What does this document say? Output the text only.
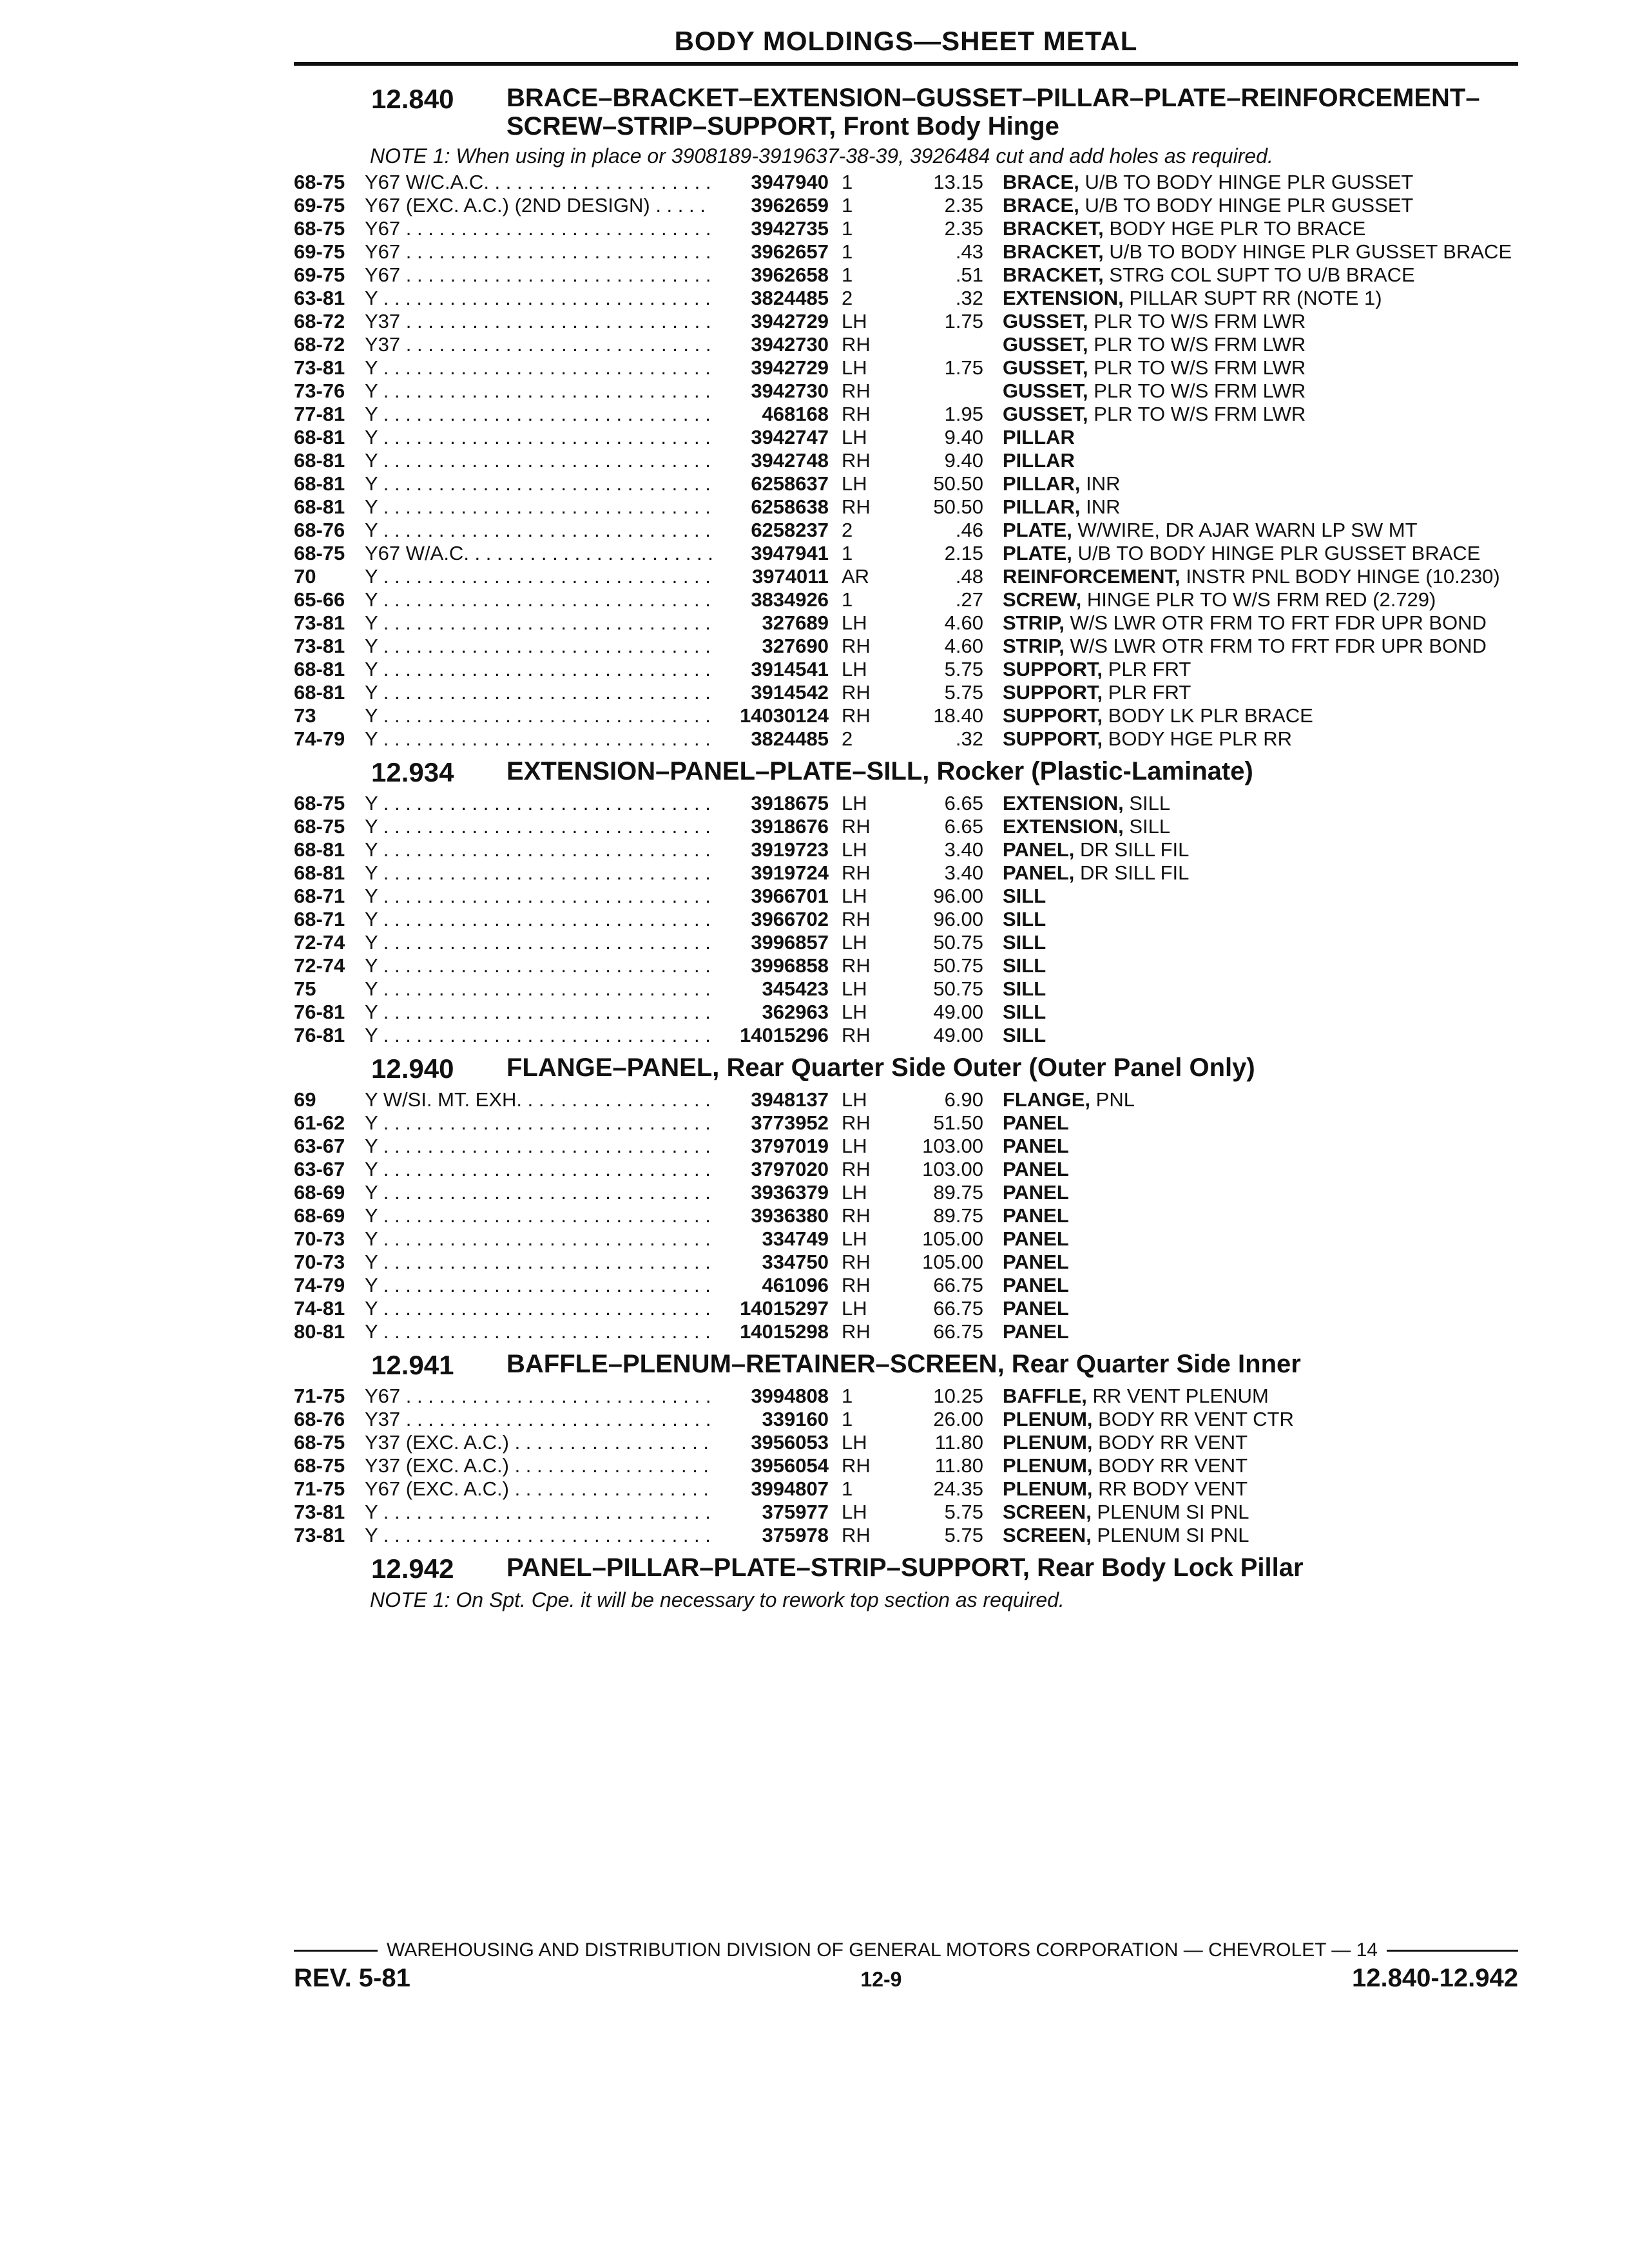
BODY MOLDINGS—SHEET METAL
12.840	BRACE–BRACKET–EXTENSION–GUSSET–PILLAR–PLATE–REINFORCEMENT–SCREW–STRIP–SUPPORT, Front Body Hinge
NOTE 1: When using in place or 3908189-3919637-38-39, 3926484 cut and add holes as required.
68-75 Y67 W/C.A.C. . . .	3947940 1	13.15 BRACE, U/B TO BODY HINGE PLR GUSSET
69-75 Y67 (EXC. A.C.) (2ND DESIGN) . . .	3962659 1	2.35 BRACE, U/B TO BODY HINGE PLR GUSSET
68-75 Y67 . . .	3942735 1	2.35 BRACKET, BODY HGE PLR TO BRACE
69-75 Y67 . . .	3962657 1	.43 BRACKET, U/B TO BODY HINGE PLR GUSSET BRACE
69-75 Y67 . . .	3962658 1	.51 BRACKET, STRG COL SUPT TO U/B BRACE
63-81 Y . . .	3824485 2	.32 EXTENSION, PILLAR SUPT RR (NOTE 1)
68-72 Y37 . . .	3942729 LH	1.75 GUSSET, PLR TO W/S FRM LWR
68-72 Y37 . . .	3942730 RH	GUSSET, PLR TO W/S FRM LWR
73-81 Y . . .	3942729 LH	1.75 GUSSET, PLR TO W/S FRM LWR
73-76 Y . . .	3942730 RH	GUSSET, PLR TO W/S FRM LWR
77-81 Y . . .	468168 RH	1.95 GUSSET, PLR TO W/S FRM LWR
68-81 Y . . .	3942747 LH	9.40 PILLAR
68-81 Y . . .	3942748 RH	9.40 PILLAR
68-81 Y . . .	6258637 LH	50.50 PILLAR, INR
68-81 Y . . .	6258638 RH	50.50 PILLAR, INR
68-76 Y . . .	6258237 2	.46 PLATE, W/WIRE, DR AJAR WARN LP SW MT
68-75 Y67 W/A.C. . . .	3947941 1	2.15 PLATE, U/B TO BODY HINGE PLR GUSSET BRACE
70	Y . . .	3974011 AR	.48 REINFORCEMENT, INSTR PNL BODY HINGE (10.230)
65-66 Y . . .	3834926 1	.27 SCREW, HINGE PLR TO W/S FRM RED (2.729)
73-81 Y . . .	327689 LH	4.60 STRIP, W/S LWR OTR FRM TO FRT FDR UPR BOND
73-81 Y . . .	327690 RH	4.60 STRIP, W/S LWR OTR FRM TO FRT FDR UPR BOND
68-81 Y . . .	3914541 LH	5.75 SUPPORT, PLR FRT
68-81 Y . . .	3914542 RH	5.75 SUPPORT, PLR FRT
73	Y . . .	14030124 RH	18.40 SUPPORT, BODY LK PLR BRACE
74-79 Y . . .	3824485 2	.32 SUPPORT, BODY HGE PLR RR
12.934	EXTENSION–PANEL–PLATE–SILL, Rocker (Plastic-Laminate)
68-75 Y . . .	3918675 LH	6.65 EXTENSION, SILL
68-75 Y . . .	3918676 RH	6.65 EXTENSION, SILL
68-81 Y . . .	3919723 LH	3.40 PANEL, DR SILL FIL
68-81 Y . . .	3919724 RH	3.40 PANEL, DR SILL FIL
68-71 Y . . .	3966701 LH	96.00 SILL
68-71 Y . . .	3966702 RH	96.00 SILL
72-74 Y . . .	3996857 LH	50.75 SILL
72-74 Y . . .	3996858 RH	50.75 SILL
75	Y . . .	345423 LH	50.75 SILL
76-81 Y . . .	362963 LH	49.00 SILL
76-81 Y . . .	14015296 RH	49.00 SILL
12.940	FLANGE–PANEL, Rear Quarter Side Outer (Outer Panel Only)
69	Y W/SI. MT. EXH. . . .	3948137 LH	6.90 FLANGE, PNL
61-62 Y . . .	3773952 RH	51.50 PANEL
63-67 Y . . .	3797019 LH	103.00 PANEL
63-67 Y . . .	3797020 RH	103.00 PANEL
68-69 Y . . .	3936379 LH	89.75 PANEL
68-69 Y . . .	3936380 RH	89.75 PANEL
70-73 Y . . .	334749 LH	105.00 PANEL
70-73 Y . . .	334750 RH	105.00 PANEL
74-79 Y . . .	461096 RH	66.75 PANEL
74-81 Y . . .	14015297 LH	66.75 PANEL
80-81 Y . . .	14015298 RH	66.75 PANEL
12.941	BAFFLE–PLENUM–RETAINER–SCREEN, Rear Quarter Side Inner
71-75 Y67 . . .	3994808 1	10.25 BAFFLE, RR VENT PLENUM
68-76 Y37 . . .	339160 1	26.00 PLENUM, BODY RR VENT CTR
68-75 Y37 (EXC. A.C.) . . .	3956053 LH	11.80 PLENUM, BODY RR VENT
68-75 Y37 (EXC. A.C.) . . .	3956054 RH	11.80 PLENUM, BODY RR VENT
71-75 Y67 (EXC. A.C.) . . .	3994807 1	24.35 PLENUM, RR BODY VENT
73-81 Y . . .	375977 LH	5.75 SCREEN, PLENUM SI PNL
73-81 Y . . .	375978 RH	5.75 SCREEN, PLENUM SI PNL
12.942	PANEL–PILLAR–PLATE–STRIP–SUPPORT, Rear Body Lock Pillar
NOTE 1: On Spt. Cpe. it will be necessary to rework top section as required.
WAREHOUSING AND DISTRIBUTION DIVISION OF GENERAL MOTORS CORPORATION — CHEVROLET — 14
REV. 5-81	12-9	12.840-12.942
